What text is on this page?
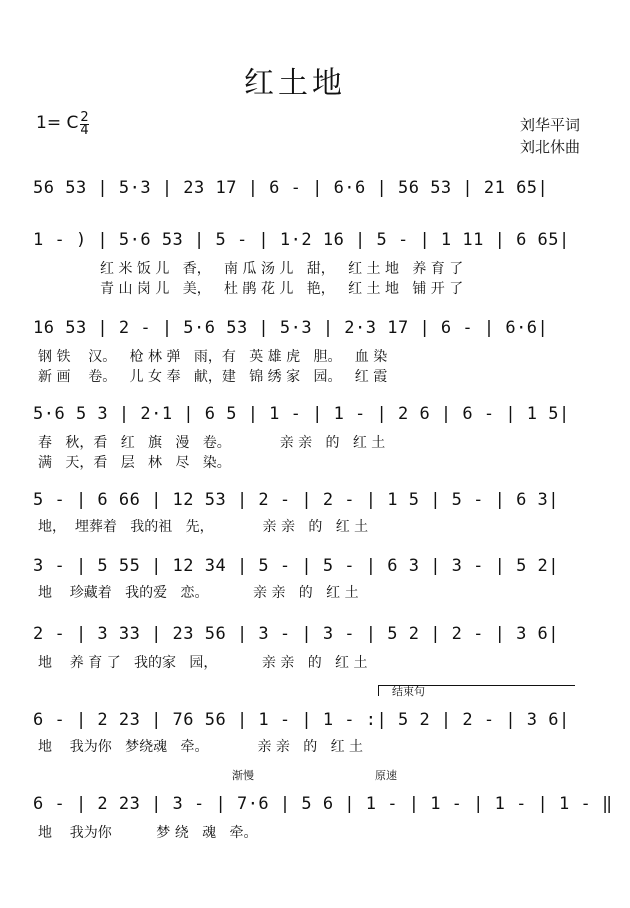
红土地
1= C $\frac{2}{4}$	刘华平词
刘北休曲
56 53 | 5·3 | 23 17 | 6 - | 6·6 | 56 53 | 21 65|
1 - ) | 5·6 53 | 5 - | 1·2 16 | 5 - | 1 11 | 6 65|
红 米 饭 儿   香，   南 瓜 汤 儿   甜，   红 土 地   养 育 了
青 山 岗 儿   美，   杜 鹃 花 儿   艳，   红 土 地   铺 开 了
16 53 | 2 - | 5·6 53 | 5·3 | 2·3 17 | 6 - | 6·6|
钢 铁    汉。   枪 林 弹   雨，有   英 雄 虎   胆。   血 染
新 画    卷。   儿 女 奉   献，建   锦 绣 家   园。   红 霞
5·6 5 3 | 2·1 | 6 5 | 1 - | 1 - | 2 6 | 6 - | 1 5|
春   秋，看   红   旗   漫   卷。           亲 亲   的   红 土
满   天，看   层   林   尽   染。
5 - | 6 66 | 12 53 | 2 - | 2 - | 1 5 | 5 - | 6 3|
地，  埋葬着   我的祖   先，           亲 亲   的   红 土
3 - | 5 55 | 12 34 | 5 - | 5 - | 6 3 | 3 - | 5 2|
地    珍藏着   我的爱   恋。          亲 亲   的   红 土
2 - | 3 33 | 23 56 | 3 - | 3 - | 5 2 | 2 - | 3 6|
地    养 育 了   我的家   园，          亲 亲   的   红 土
结束句
6 - | 2 23 | 76 56 | 1 - | 1 - :| 5 2 | 2 - | 3 6|
地    我为你   梦绕魂   牵。           亲 亲   的   红 土
渐慢	原速
6 - | 2 23 | 3 - | 7·6 | 5 6 | 1 - | 1 - | 1 - | 1 - ‖
地    我为你          梦 绕   魂   牵。
